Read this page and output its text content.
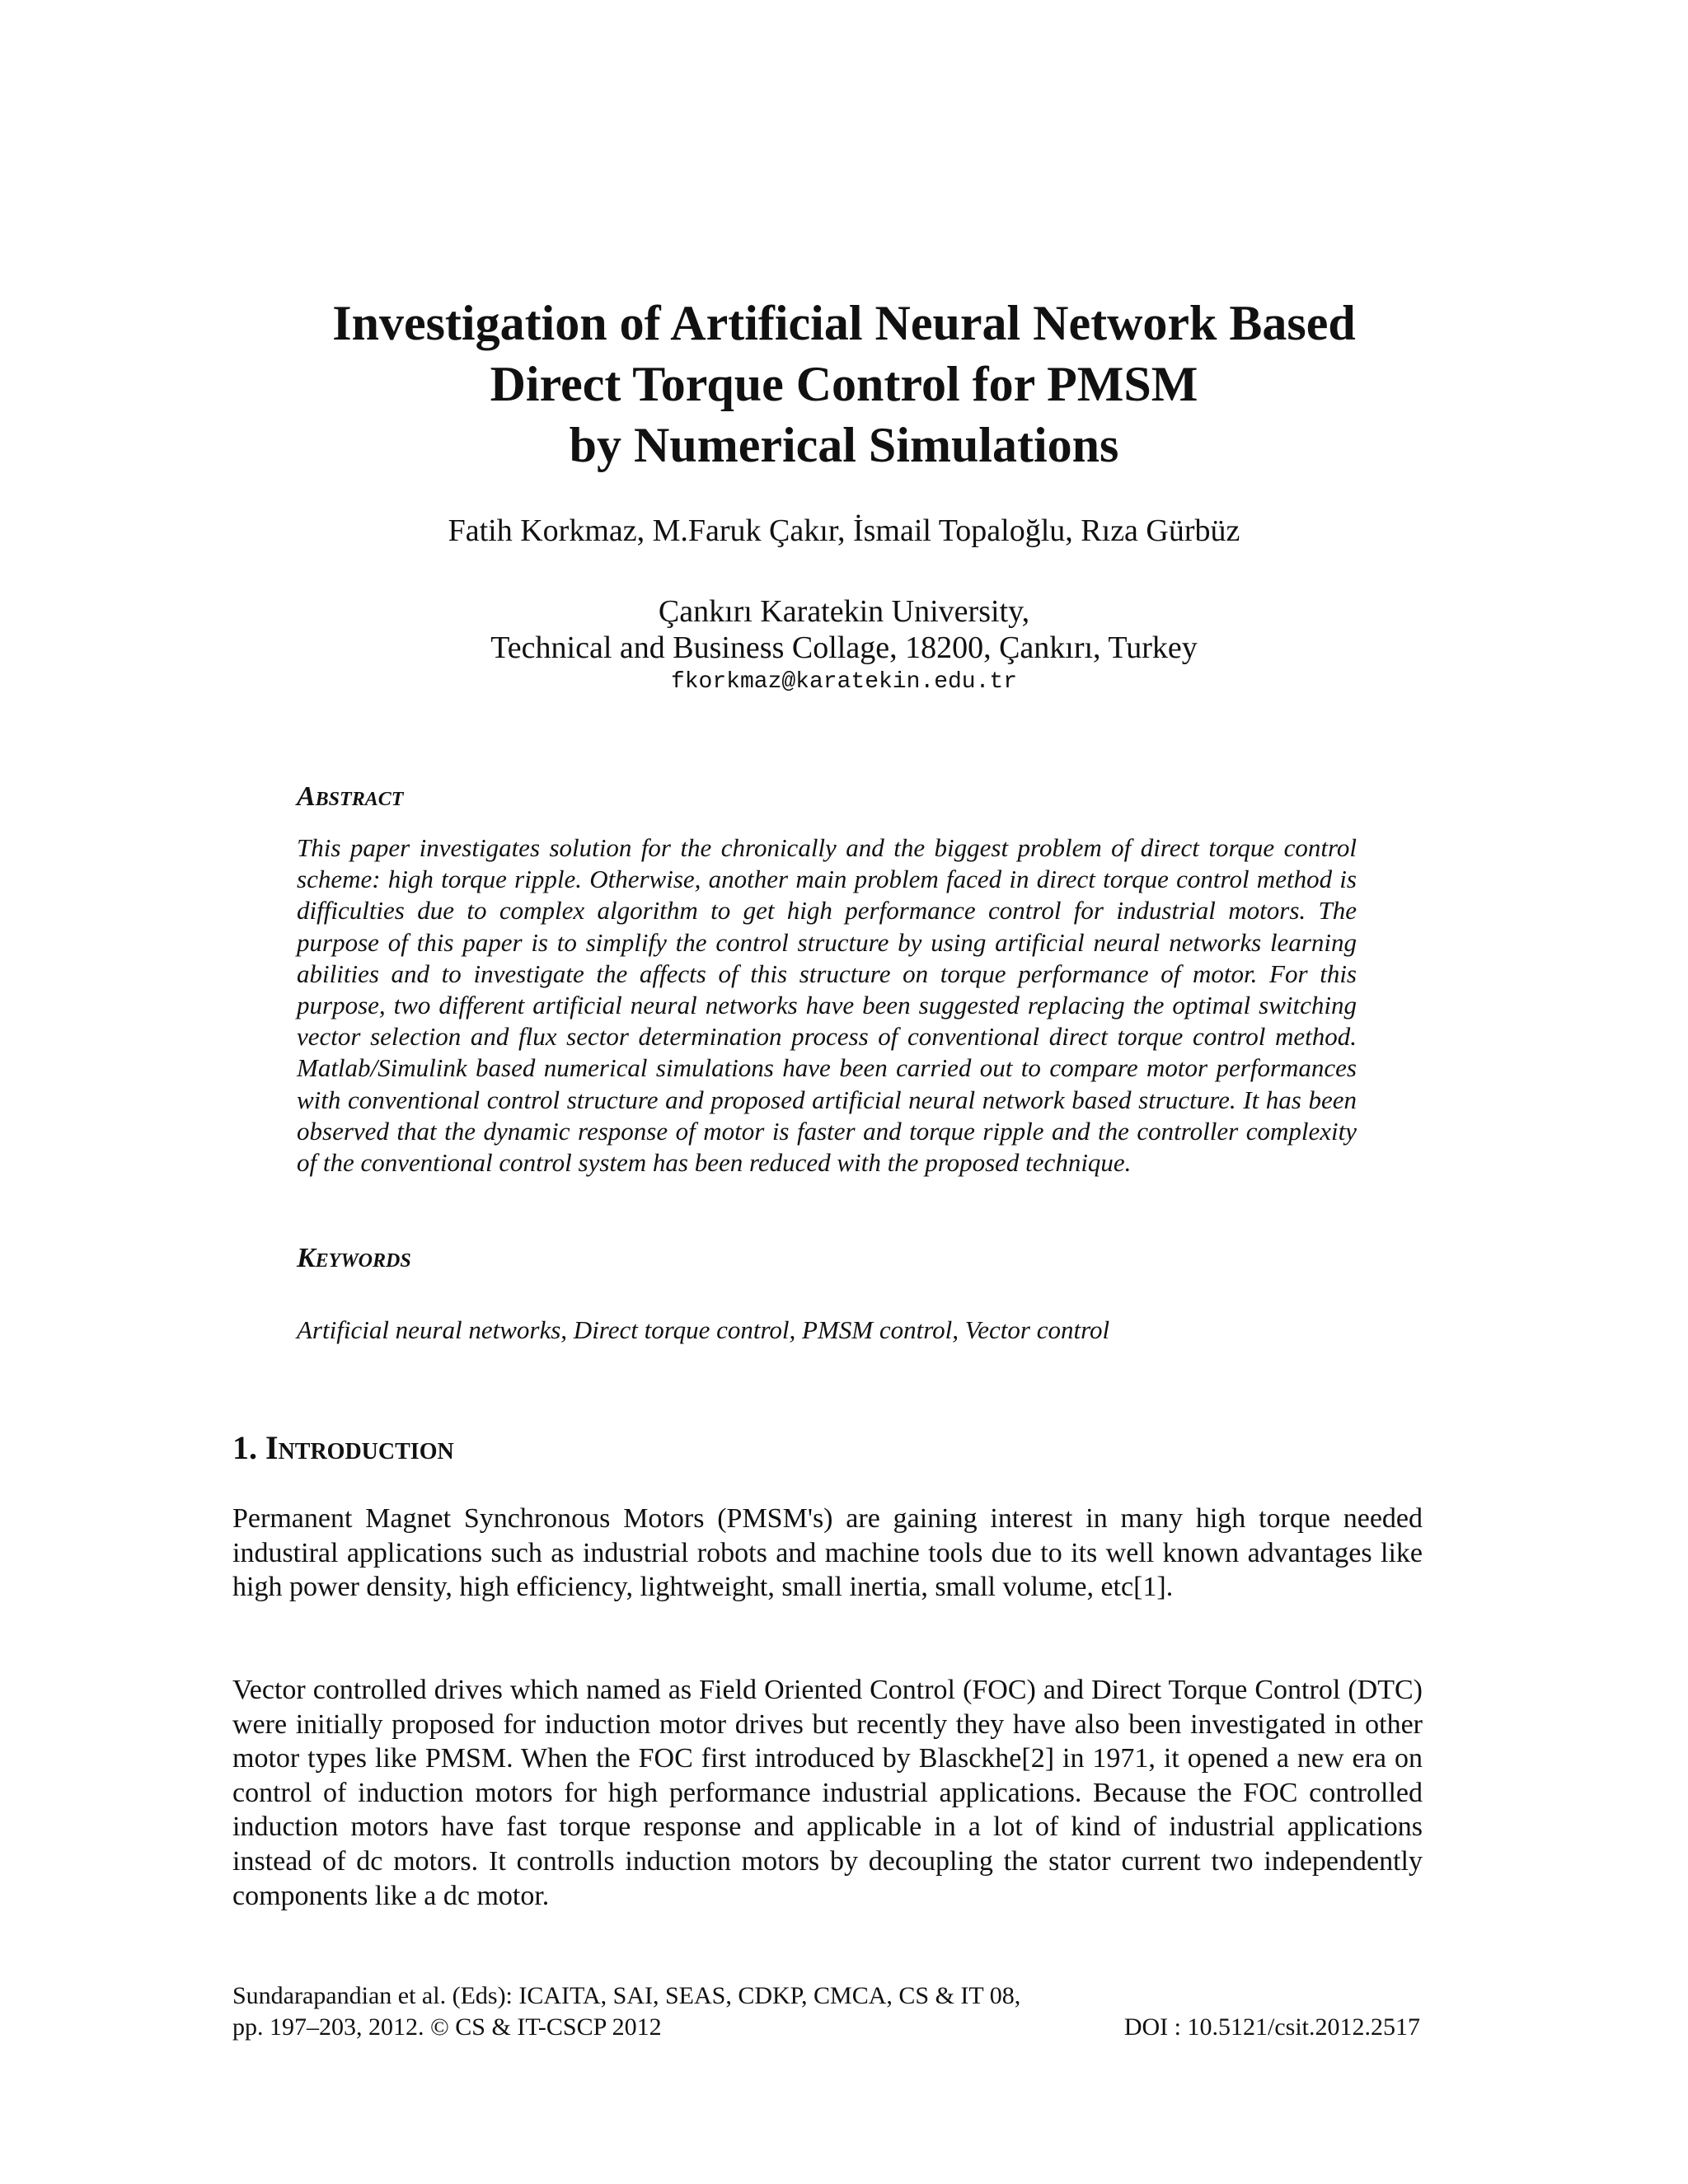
Investigation of Artificial Neural Network Based
Direct Torque Control for PMSM
by Numerical Simulations

Fatih Korkmaz, M.Faruk Çakır, İsmail Topaloğlu, Rıza Gürbüz

Çankırı Karatekin University,
Technical and Business Collage, 18200, Çankırı, Turkey
fkorkmaz@karatekin.edu.tr
Abstract

This paper investigates solution for the chronically and the biggest problem of direct torque control scheme: high torque ripple. Otherwise, another main problem faced in direct torque control method is difficulties due to complex algorithm to get high performance control for industrial motors. The purpose of this paper is to simplify the control structure by using artificial neural networks learning abilities and to investigate the affects of this structure on torque performance of motor. For this purpose, two different artificial neural networks have been suggested replacing the optimal switching vector selection and flux sector determination process of conventional direct torque control method. Matlab/Simulink based numerical simulations have been carried out to compare motor performances with conventional control structure and proposed artificial neural network based structure. It has been observed that the dynamic response of motor is faster and torque ripple and the controller complexity of the conventional control system has been reduced with the proposed technique.

Keywords

Artificial neural networks, Direct torque control, PMSM control, Vector control

1. Introduction

Permanent Magnet Synchronous Motors (PMSM's) are gaining interest in many high torque needed industiral applications such as industrial robots and machine tools due to its well known advantages like high power density, high efficiency, lightweight, small inertia, small volume, etc[1].

Vector controlled drives which named as Field Oriented Control (FOC) and Direct Torque Control (DTC) were initially proposed for induction motor drives but recently they have also been investigated in other motor types like PMSM. When the FOC first introduced by Blasckhe[2] in 1971, it opened a new era on control of induction motors for high performance industrial applications. Because the FOC controlled induction motors have fast torque response and applicable in a lot of kind of industrial applications instead of dc motors. It controlls induction motors by decoupling the stator current two independently components like a dc motor.

Sundarapandian et al. (Eds): ICAITA, SAI, SEAS, CDKP, CMCA, CS & IT 08,
pp. 197–203, 2012. © CS & IT-CSCP 2012	DOI : 10.5121/csit.2012.2517
